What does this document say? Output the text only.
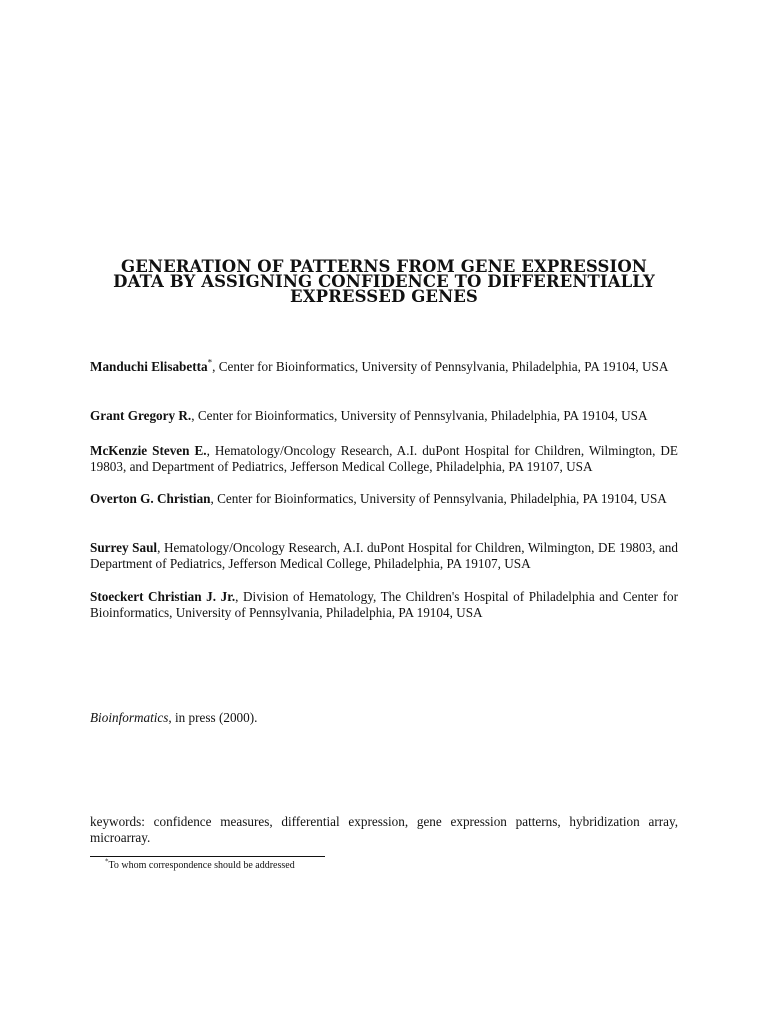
GENERATION OF PATTERNS FROM GENE EXPRESSION
DATA BY ASSIGNING CONFIDENCE TO DIFFERENTIALLY
EXPRESSED GENES

Manduchi Elisabetta*, Center for Bioinformatics, University of Pennsylvania, Philadelphia, PA 19104, USA

Grant Gregory R., Center for Bioinformatics, University of Pennsylvania, Philadelphia, PA 19104, USA

McKenzie Steven E., Hematology/Oncology Research, A.I. duPont Hospital for Children, Wilmington, DE 19803, and Department of Pediatrics, Jefferson Medical College, Philadelphia, PA 19107, USA

Overton G. Christian, Center for Bioinformatics, University of Pennsylvania, Philadelphia, PA 19104, USA

Surrey Saul, Hematology/Oncology Research, A.I. duPont Hospital for Children, Wilmington, DE 19803, and Department of Pediatrics, Jefferson Medical College, Philadelphia, PA 19107, USA

Stoeckert Christian J. Jr., Division of Hematology, The Children's Hospital of Philadelphia and Center for Bioinformatics, University of Pennsylvania, Philadelphia, PA 19104, USA

Bioinformatics, in press (2000).
keywords: confidence measures, differential expression, gene expression patterns, hybridization array, microarray.
*To whom correspondence should be addressed
